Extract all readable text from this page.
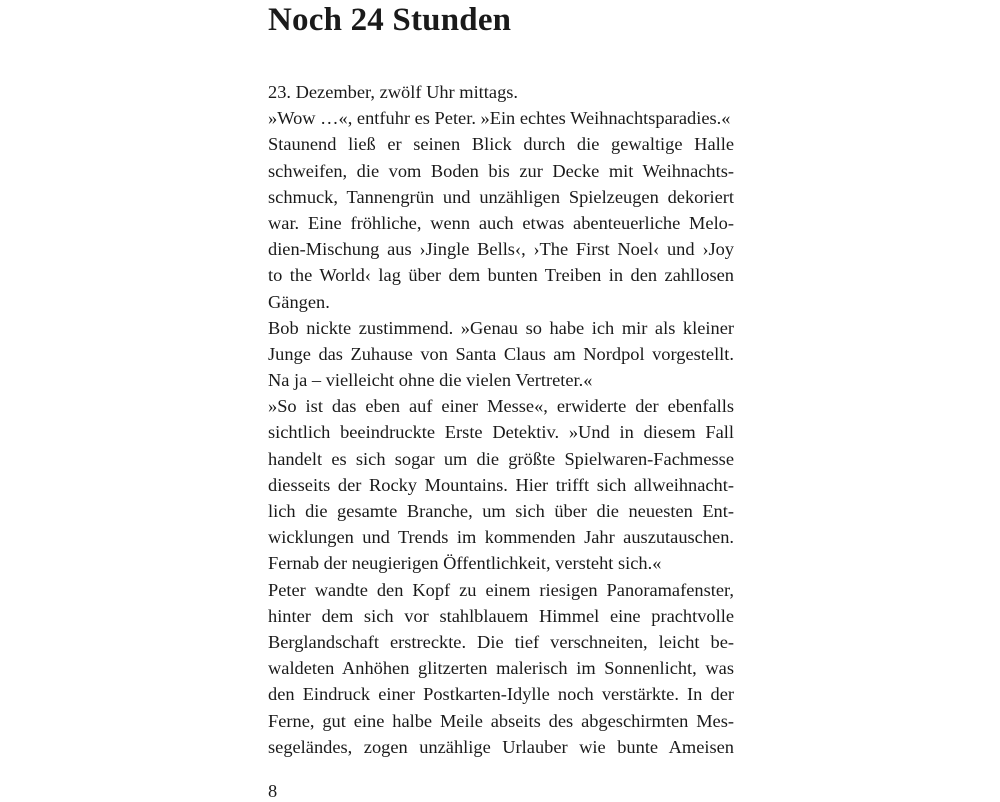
Noch 24 Stunden
23. Dezember, zwölf Uhr mittags.
»Wow …«, entfuhr es Peter. »Ein echtes Weihnachtsparadies.«
Staunend ließ er seinen Blick durch die gewaltige Halle
schweifen, die vom Boden bis zur Decke mit Weihnachts-
schmuck, Tannengrün und unzähligen Spielzeugen dekoriert
war. Eine fröhliche, wenn auch etwas abenteuerliche Melo-
dien-Mischung aus ›Jingle Bells‹, ›The First Noel‹ und ›Joy
to the World‹ lag über dem bunten Treiben in den zahllosen
Gängen.
Bob nickte zustimmend. »Genau so habe ich mir als kleiner
Junge das Zuhause von Santa Claus am Nordpol vorgestellt.
Na ja – vielleicht ohne die vielen Vertreter.«
»So ist das eben auf einer Messe«, erwiderte der ebenfalls
sichtlich beeindruckte Erste Detektiv. »Und in diesem Fall
handelt es sich sogar um die größte Spielwaren-Fachmesse
diesseits der Rocky Mountains. Hier trifft sich allweihnacht-
lich die gesamte Branche, um sich über die neuesten Ent-
wicklungen und Trends im kommenden Jahr auszutauschen.
Fernab der neugierigen Öffentlichkeit, versteht sich.«
Peter wandte den Kopf zu einem riesigen Panoramafenster,
hinter dem sich vor stahlblauem Himmel eine prachtvolle
Berglandschaft erstreckte. Die tief verschneiten, leicht be-
waldeten Anhöhen glitzerten malerisch im Sonnenlicht, was
den Eindruck einer Postkarten-Idylle noch verstärkte. In der
Ferne, gut eine halbe Meile abseits des abgeschirmten Mes-
segeländes, zogen unzählige Urlauber wie bunte Ameisen
8
